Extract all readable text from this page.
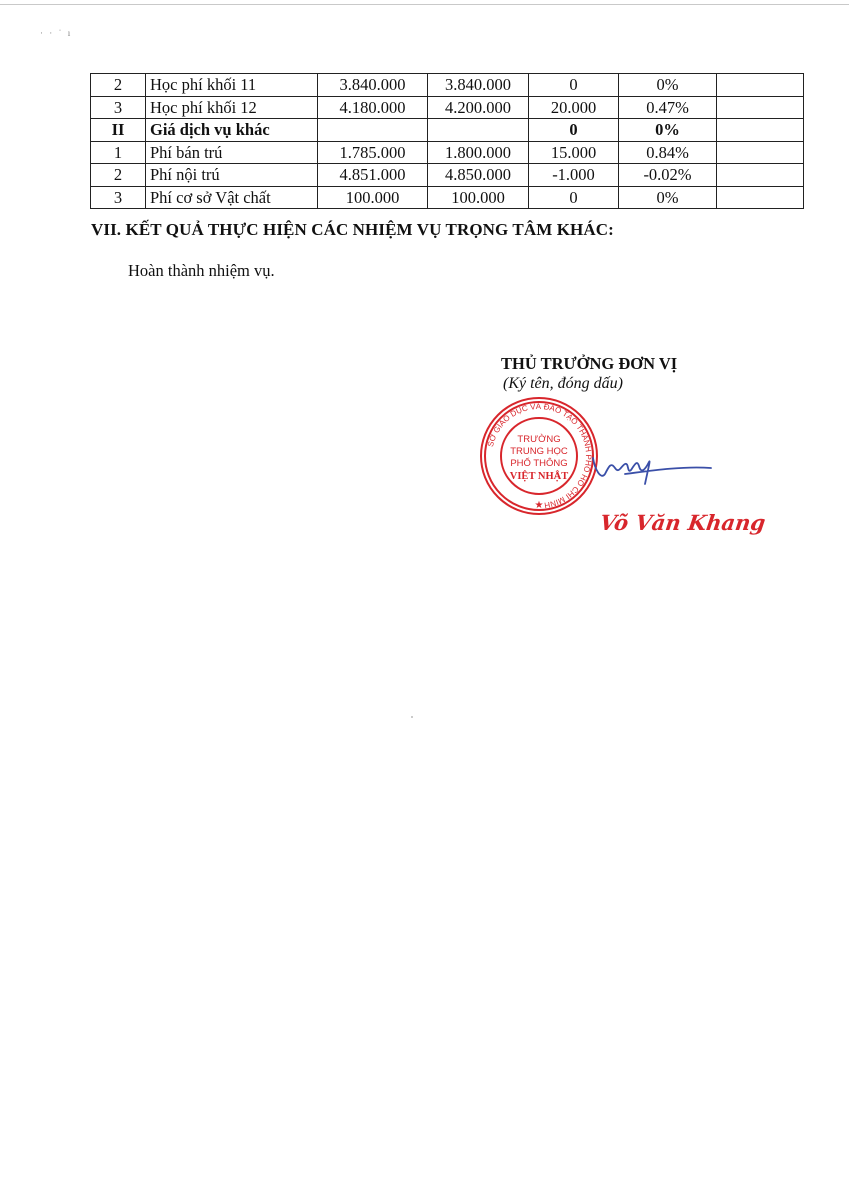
· · ˈ ı
2	Học phí khối 11	3.840.000	3.840.000	0	0%	
3	Học phí khối 12	4.180.000	4.200.000	20.000	0.47%	
II	Giá dịch vụ khác			0	0%	
1	Phí bán trú	1.785.000	1.800.000	15.000	0.84%	
2	Phí nội trú	4.851.000	4.850.000	-1.000	-0.02%	
3	Phí cơ sở Vật chất	100.000	100.000	0	0%	
VII. KẾT QUẢ THỰC HIỆN CÁC NHIỆM VỤ TRỌNG TÂM KHÁC:
Hoàn thành nhiệm vụ.
THỦ TRƯỞNG ĐƠN VỊ
(Ký tên, đóng dấu)
SỞ GIÁO DỤC VÀ ĐÀO TẠO THÀNH PHỐ HỒ CHÍ MINH
TRƯỜNG
TRUNG HỌC
PHỔ THÔNG
VIỆT NHẬT
★
Võ Văn Khang
